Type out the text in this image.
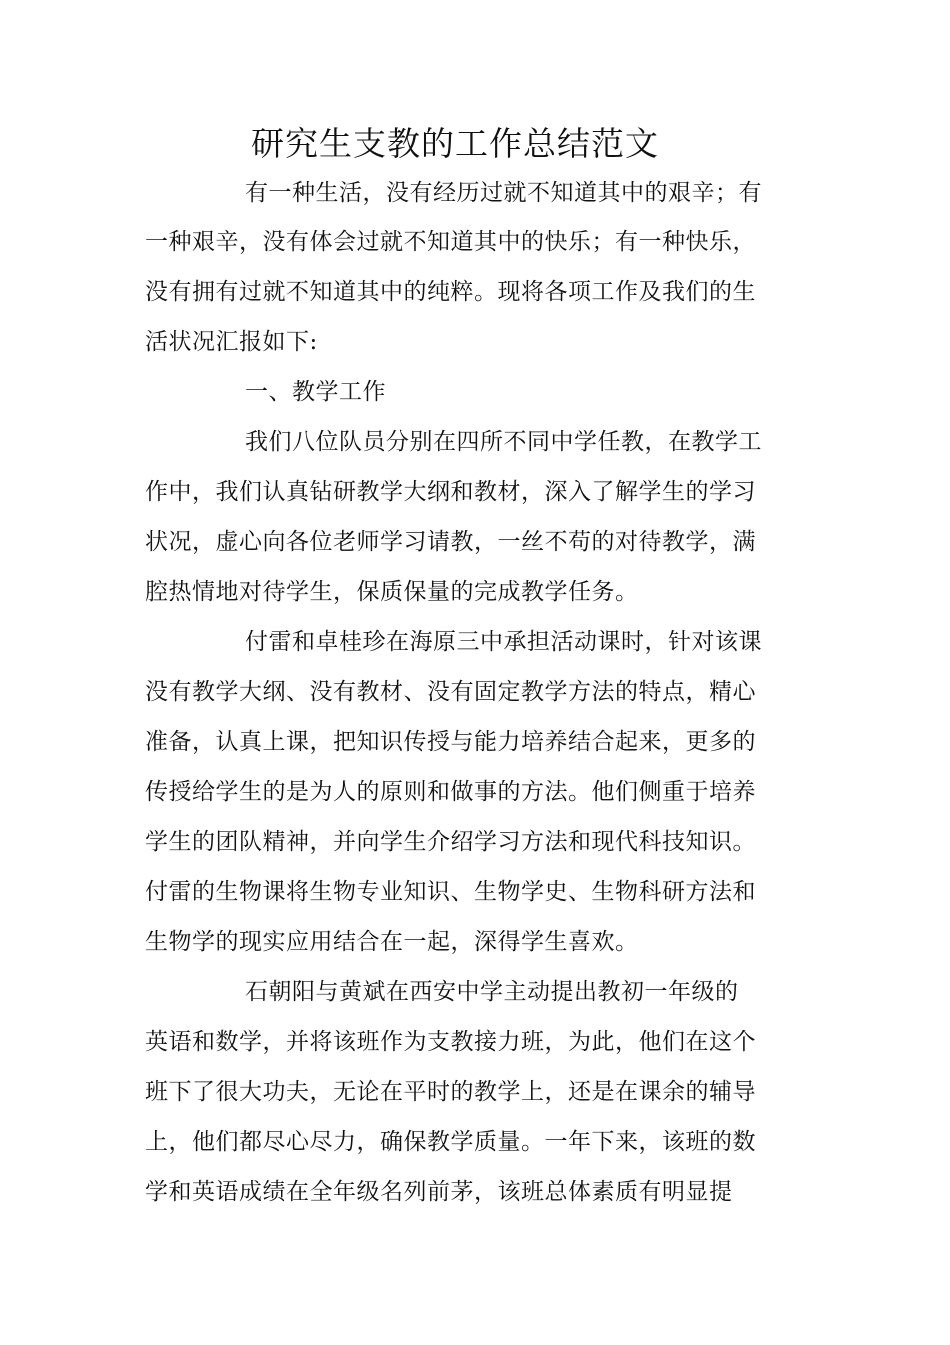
研究生支教的工作总结范文
有一种生活，没有经历过就不知道其中的艰辛；有
一种艰辛，没有体会过就不知道其中的快乐；有一种快乐，
没有拥有过就不知道其中的纯粹。现将各项工作及我们的生
活状况汇报如下:
一、教学工作
我们八位队员分别在四所不同中学任教，在教学工
作中，我们认真钻研教学大纲和教材，深入了解学生的学习
状况，虚心向各位老师学习请教，一丝不苟的对待教学，满
腔热情地对待学生，保质保量的完成教学任务。
付雷和卓桂珍在海原三中承担活动课时，针对该课
没有教学大纲、没有教材、没有固定教学方法的特点，精心
准备，认真上课，把知识传授与能力培养结合起来，更多的
传授给学生的是为人的原则和做事的方法。他们侧重于培养
学生的团队精神，并向学生介绍学习方法和现代科技知识。
付雷的生物课将生物专业知识、生物学史、生物科研方法和
生物学的现实应用结合在一起，深得学生喜欢。
石朝阳与黄斌在西安中学主动提出教初一年级的
英语和数学，并将该班作为支教接力班，为此，他们在这个
班下了很大功夫，无论在平时的教学上，还是在课余的辅导
上，他们都尽心尽力，确保教学质量。一年下来，该班的数
学和英语成绩在全年级名列前茅，该班总体素质有明显提
